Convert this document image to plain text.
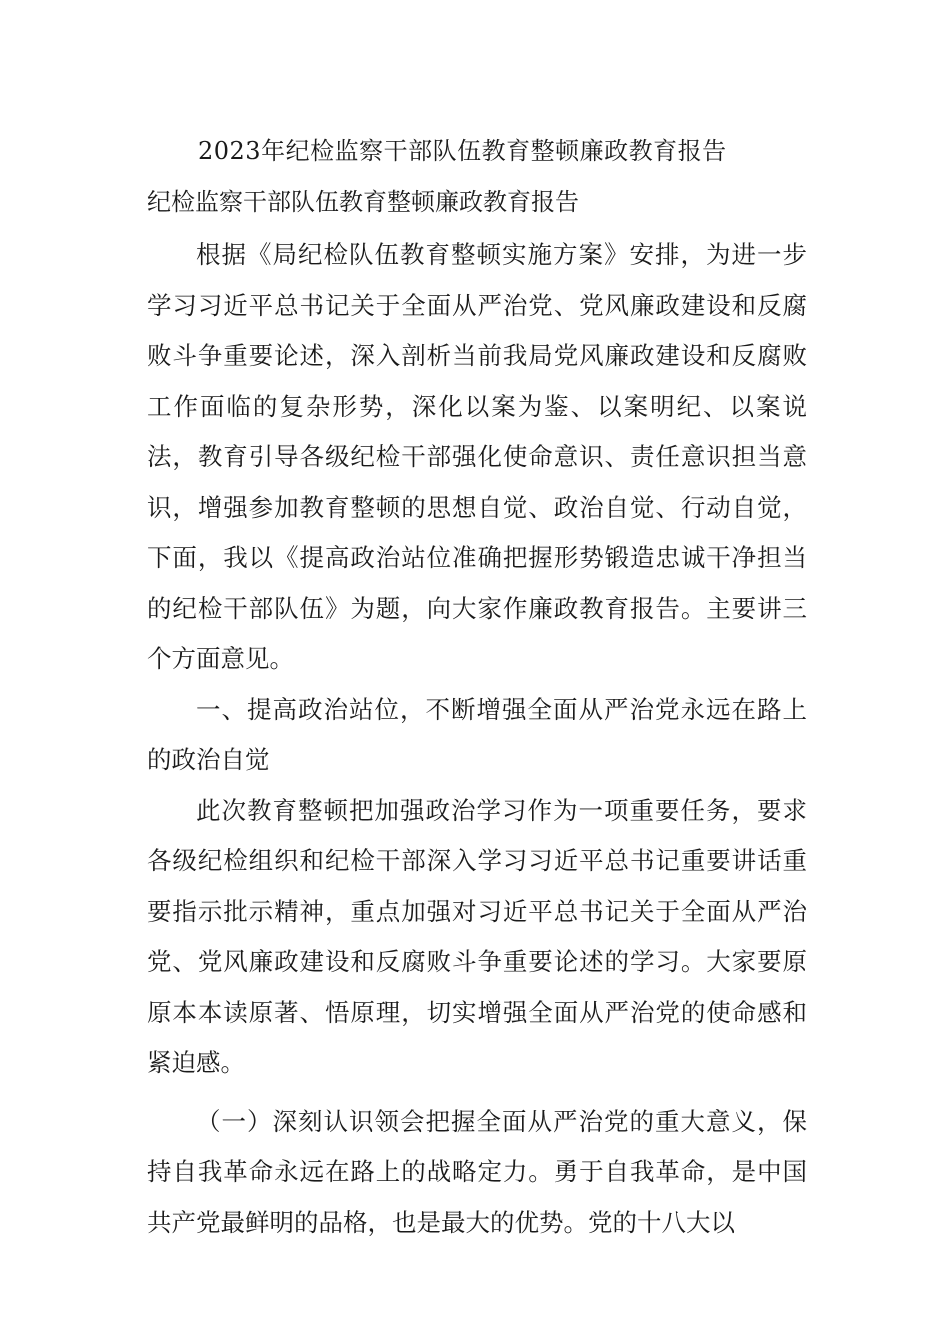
2023年纪检监察干部队伍教育整顿廉政教育报告
纪检监察干部队伍教育整顿廉政教育报告

根据《局纪检队伍教育整顿实施方案》安排，为进一步学习习近平总书记关于全面从严治党、党风廉政建设和反腐败斗争重要论述，深入剖析当前我局党风廉政建设和反腐败工作面临的复杂形势，深化以案为鉴、以案明纪、以案说法，教育引导各级纪检干部强化使命意识、责任意识担当意识，增强参加教育整顿的思想自觉、政治自觉、行动自觉，下面，我以《提高政治站位准确把握形势锻造忠诚干净担当的纪检干部队伍》为题，向大家作廉政教育报告。主要讲三个方面意见。

一、提高政治站位，不断增强全面从严治党永远在路上的政治自觉

此次教育整顿把加强政治学习作为一项重要任务，要求各级纪检组织和纪检干部深入学习习近平总书记重要讲话重要指示批示精神，重点加强对习近平总书记关于全面从严治党、党风廉政建设和反腐败斗争重要论述的学习。大家要原原本本读原著、悟原理，切实增强全面从严治党的使命感和紧迫感。

（一）深刻认识领会把握全面从严治党的重大意义，保持自我革命永远在路上的战略定力。勇于自我革命，是中国共产党最鲜明的品格，也是最大的优势。党的十八大以
